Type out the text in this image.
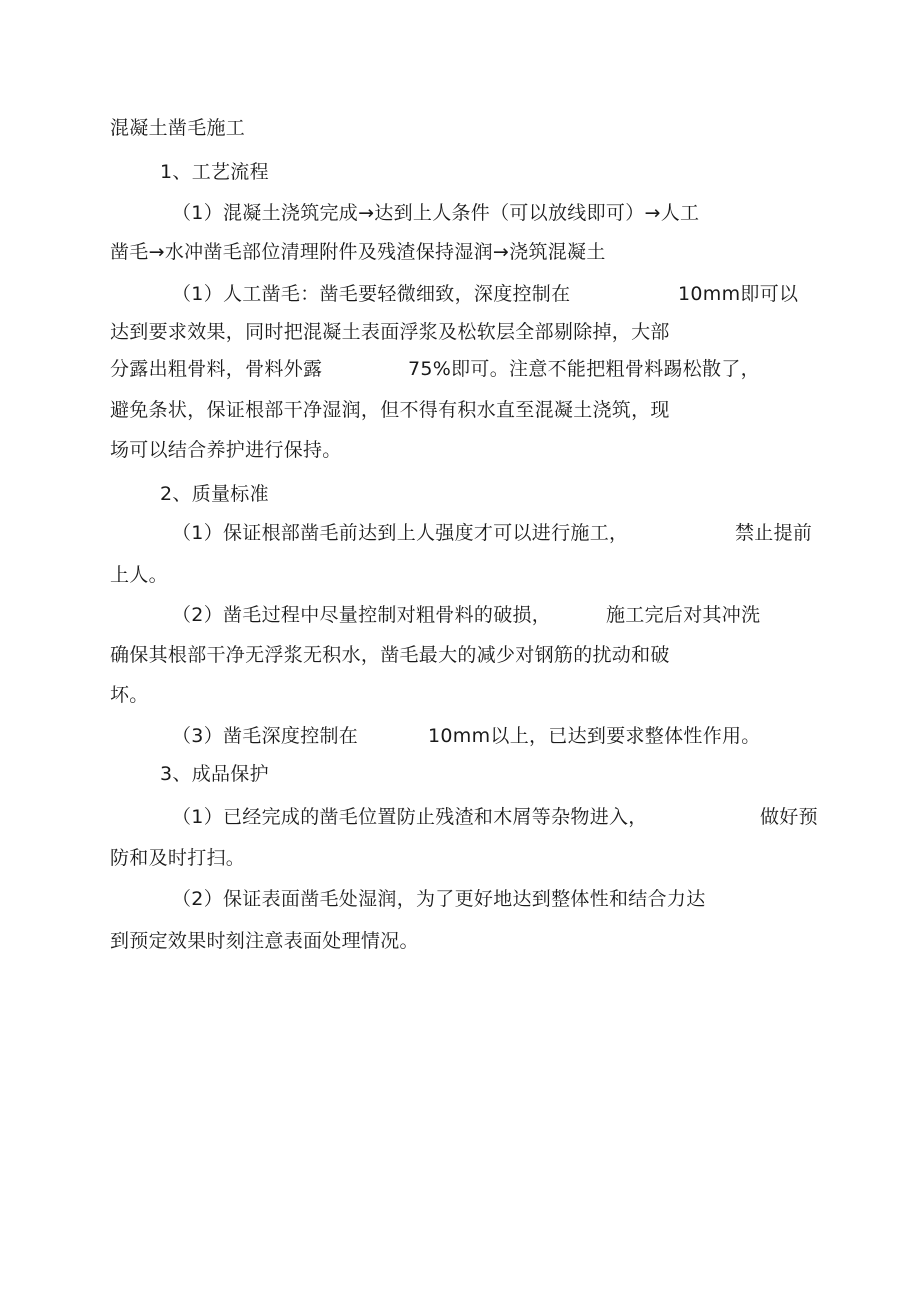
混凝土凿毛施工
1、工艺流程
（1）混凝土浇筑完成→达到上人条件（可以放线即可）→人工
凿毛→水冲凿毛部位清理附件及残渣保持湿润→浇筑混凝土
（1）人工凿毛：凿毛要轻微细致，深度控制在	10mm即可以
达到要求效果，同时把混凝土表面浮浆及松软层全部剔除掉，大部
分露出粗骨料，骨料外露	75%即可。注意不能把粗骨料踢松散了，
避免条状，保证根部干净湿润，但不得有积水直至混凝土浇筑，现
场可以结合养护进行保持。
2、质量标准
（1）保证根部凿毛前达到上人强度才可以进行施工，	禁止提前
上人。
（2）凿毛过程中尽量控制对粗骨料的破损，	施工完后对其冲洗
确保其根部干净无浮浆无积水，凿毛最大的减少对钢筋的扰动和破
坏。
（3）凿毛深度控制在	10mm以上，已达到要求整体性作用。
3、成品保护
（1）已经完成的凿毛位置防止残渣和木屑等杂物进入，	做好预
防和及时打扫。
（2）保证表面凿毛处湿润，为了更好地达到整体性和结合力达
到预定效果时刻注意表面处理情况。
